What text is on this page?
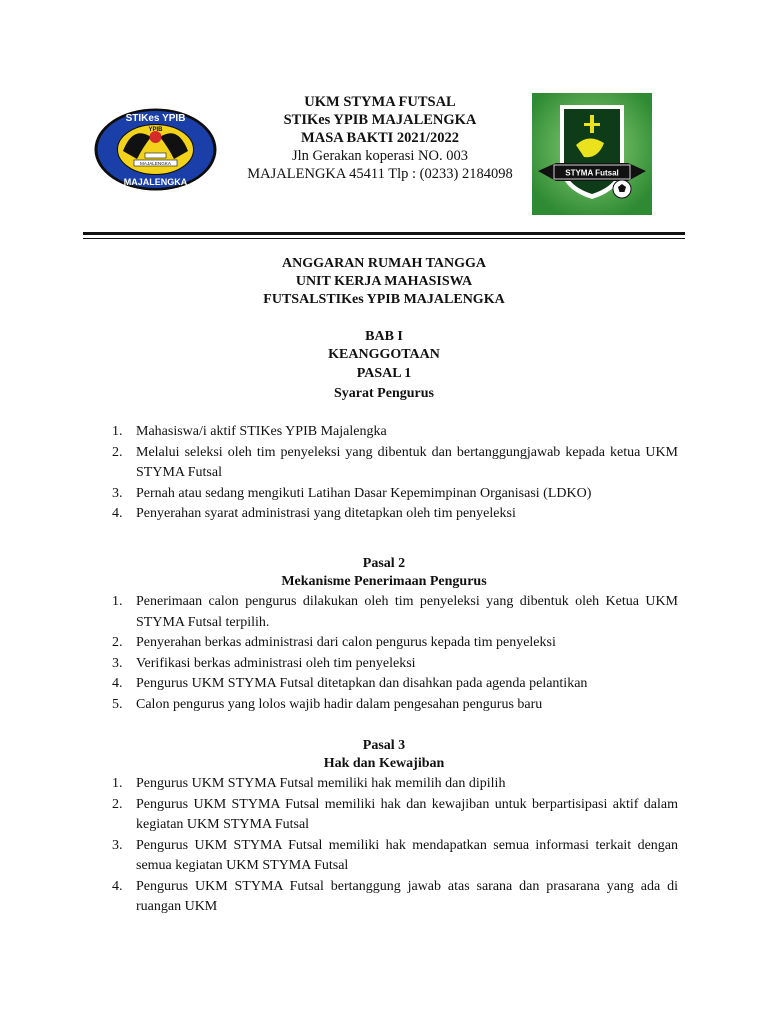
YPIB
MAJALENGKA
STIKes YPIB
MAJALENGKA
UKM STYMA FUTSAL
STIKes YPIB MAJALENGKA
MASA BAKTI 2021/2022
Jln Gerakan koperasi NO. 003
MAJALENGKA 45411 Tlp : (0233) 2184098	STYMA Futsal
ANGGARAN RUMAH TANGGA
UNIT KERJA MAHASISWA
FUTSALSTIKes YPIB MAJALENGKA
BAB I
KEANGGOTAAN
PASAL 1
Syarat Pengurus
1. Mahasiswa/i aktif STIKes YPIB Majalengka
2. Melalui seleksi oleh tim penyeleksi yang dibentuk dan bertanggungjawab kepada ketua UKM STYMA Futsal
3. Pernah atau sedang mengikuti Latihan Dasar Kepemimpinan Organisasi (LDKO)
4. Penyerahan syarat administrasi yang ditetapkan oleh tim penyeleksi
Pasal 2
Mekanisme Penerimaan Pengurus
1. Penerimaan calon pengurus dilakukan oleh tim penyeleksi yang dibentuk oleh Ketua UKM STYMA Futsal terpilih.
2. Penyerahan berkas administrasi dari calon pengurus kepada tim penyeleksi
3. Verifikasi berkas administrasi oleh tim penyeleksi
4. Pengurus UKM STYMA Futsal ditetapkan dan disahkan pada agenda pelantikan
5. Calon pengurus yang lolos wajib hadir dalam pengesahan pengurus baru
Pasal 3
Hak dan Kewajiban
1. Pengurus UKM STYMA Futsal memiliki hak memilih dan dipilih
2. Pengurus UKM STYMA Futsal memiliki hak dan kewajiban untuk berpartisipasi aktif dalam kegiatan UKM STYMA Futsal
3. Pengurus UKM STYMA Futsal memiliki hak mendapatkan semua informasi terkait dengan semua kegiatan UKM STYMA Futsal
4. Pengurus UKM STYMA Futsal bertanggung jawab atas sarana dan prasarana yang ada di ruangan UKM
